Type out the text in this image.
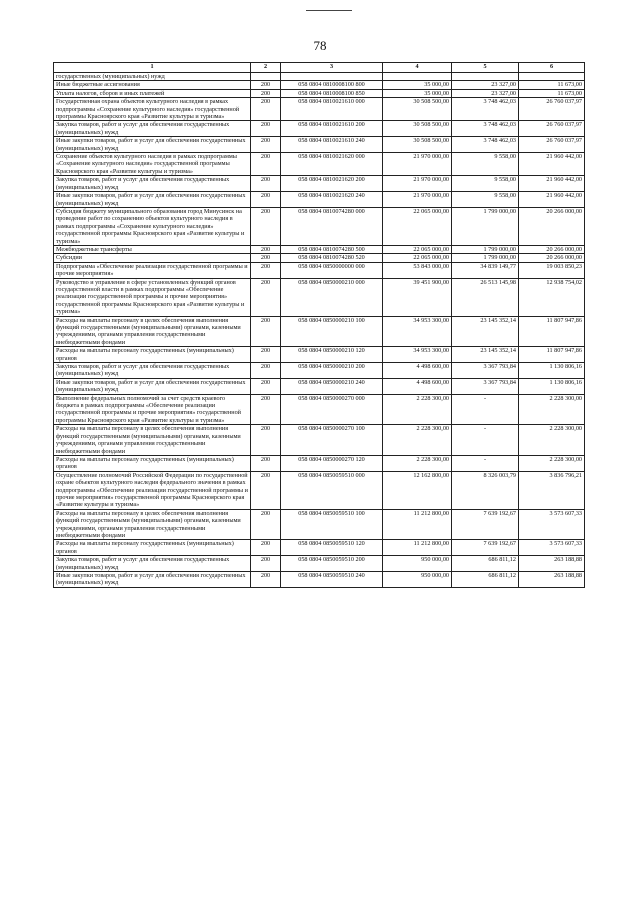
78
1	2	3	4	5	6
государственных (муниципальных) нужд					
Иные бюджетные ассигнования	200	058 0804 0810008100 800	35 000,00	23 327,00	11 673,00
Уплата налогов, сборов и иных платежей	200	058 0804 0810008100 850	35 000,00	23 327,00	11 673,00
Государственная охрана объектов культурного наследия в рамках подпрограммы «Сохранение культурного наследия» государственной программы Красноярского края «Развитие культуры и туризма»	200	058 0804 0810021610 000	30 508 500,00	3 748 462,03	26 760 037,97
Закупка товаров, работ и услуг для обеспечения государственных (муниципальных) нужд	200	058 0804 0810021610 200	30 508 500,00	3 748 462,03	26 760 037,97
Иные закупки товаров, работ и услуг для обеспечения государственных (муниципальных) нужд	200	058 0804 0810021610 240	30 508 500,00	3 748 462,03	26 760 037,97
Сохранение объектов культурного наследия в рамках подпрограммы «Сохранение культурного наследия» государственной программы Красноярского края «Развитие культуры и туризма»	200	058 0804 0810021620 000	21 970 000,00	9 558,00	21 960 442,00
Закупка товаров, работ и услуг для обеспечения государственных (муниципальных) нужд	200	058 0804 0810021620 200	21 970 000,00	9 558,00	21 960 442,00
Иные закупки товаров, работ и услуг для обеспечения государственных (муниципальных) нужд	200	058 0804 0810021620 240	21 970 000,00	9 558,00	21 960 442,00
Субсидия бюджету муниципального образования город Минусинск на проведение работ по сохранению объектов культурного наследия в рамках подпрограммы «Сохранение культурного наследия» государственной программы Красноярского края «Развитие культуры и туризма»	200	058 0804 0810074280 000	22 065 000,00	1 799 000,00	20 266 000,00
Межбюджетные трансферты	200	058 0804 0810074280 500	22 065 000,00	1 799 000,00	20 266 000,00
Субсидии	200	058 0804 0810074280 520	22 065 000,00	1 799 000,00	20 266 000,00
Подпрограмма «Обеспечение реализации государственной программы и прочие мероприятия»	200	058 0804 0850000000 000	53 843 000,00	34 839 149,77	19 003 850,23
Руководство и управление в сфере установленных функций органов государственной власти в рамках подпрограммы «Обеспечение реализации государственной программы и прочие мероприятия» государственной программы Красноярского края «Развитие культуры и туризма»	200	058 0804 0850000210 000	39 451 900,00	26 513 145,98	12 938 754,02
Расходы на выплаты персоналу в целях обеспечения выполнения функций государственными (муниципальными) органами, казенными учреждениями, органами управления государственными внебюджетными фондами	200	058 0804 0850000210 100	34 953 300,00	23 145 352,14	11 807 947,86
Расходы на выплаты персоналу государственных (муниципальных) органов	200	058 0804 0850000210 120	34 953 300,00	23 145 352,14	11 807 947,86
Закупка товаров, работ и услуг для обеспечения государственных (муниципальных) нужд	200	058 0804 0850000210 200	4 498 600,00	3 367 793,84	1 130 806,16
Иные закупки товаров, работ и услуг для обеспечения государственных (муниципальных) нужд	200	058 0804 0850000210 240	4 498 600,00	3 367 793,84	1 130 806,16
Выполнение федеральных полномочий за счет средств краевого бюджета в рамках подпрограммы «Обеспечение реализации государственной программы и прочие мероприятия» государственной программы Красноярского края «Развитие культуры и туризма»	200	058 0804 0850000270 000	2 228 300,00	-	2 228 300,00
Расходы на выплаты персоналу в целях обеспечения выполнения функций государственными (муниципальными) органами, казенными учреждениями, органами управления государственными внебюджетными фондами	200	058 0804 0850000270 100	2 228 300,00	-	2 228 300,00
Расходы на выплаты персоналу государственных (муниципальных) органов	200	058 0804 0850000270 120	2 228 300,00	-	2 228 300,00
Осуществление полномочий Российской Федерации по государственной охране объектов культурного наследия федерального значения в рамках подпрограммы «Обеспечение реализации государственной программы и прочие мероприятия» государственной программы Красноярского края «Развитие культуры и туризма»	200	058 0804 0850059510 000	12 162 800,00	8 326 003,79	3 836 796,21
Расходы на выплаты персоналу в целях обеспечения выполнения функций государственными (муниципальными) органами, казенными учреждениями, органами управления государственными внебюджетными фондами	200	058 0804 0850059510 100	11 212 800,00	7 639 192,67	3 573 607,33
Расходы на выплаты персоналу государственных (муниципальных) органов	200	058 0804 0850059510 120	11 212 800,00	7 639 192,67	3 573 607,33
Закупка товаров, работ и услуг для обеспечения государственных (муниципальных) нужд	200	058 0804 0850059510 200	950 000,00	686 811,12	263 188,88
Иные закупки товаров, работ и услуг для обеспечения государственных (муниципальных) нужд	200	058 0804 0850059510 240	950 000,00	686 811,12	263 188,88
